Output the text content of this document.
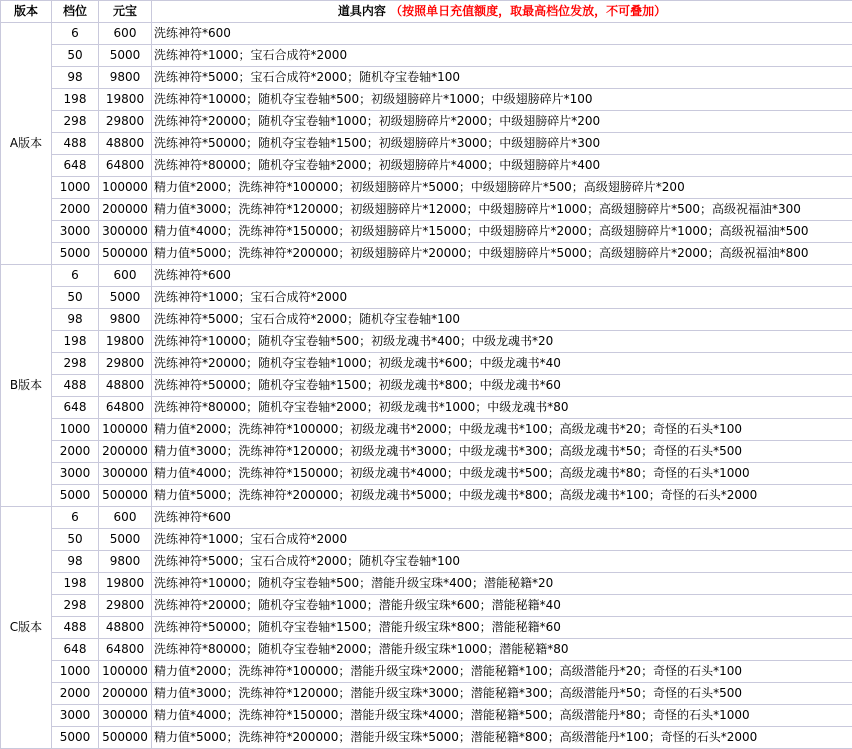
版本	档位	元宝	道具内容 （按照单日充值额度，取最高档位发放，不可叠加）
A版本	6	600	洗练神符*600
	50	5000	洗练神符*1000；宝石合成符*2000
	98	9800	洗练神符*5000；宝石合成符*2000；随机夺宝卷轴*100
	198	19800	洗练神符*10000；随机夺宝卷轴*500；初级翅膀碎片*1000；中级翅膀碎片*100
	298	29800	洗练神符*20000；随机夺宝卷轴*1000；初级翅膀碎片*2000；中级翅膀碎片*200
	488	48800	洗练神符*50000；随机夺宝卷轴*1500；初级翅膀碎片*3000；中级翅膀碎片*300
	648	64800	洗练神符*80000；随机夺宝卷轴*2000；初级翅膀碎片*4000；中级翅膀碎片*400
	1000	100000	精力值*2000；洗练神符*100000；初级翅膀碎片*5000；中级翅膀碎片*500；高级翅膀碎片*200
	2000	200000	精力值*3000；洗练神符*120000；初级翅膀碎片*12000；中级翅膀碎片*1000；高级翅膀碎片*500；高级祝福油*300
	3000	300000	精力值*4000；洗练神符*150000；初级翅膀碎片*15000；中级翅膀碎片*2000；高级翅膀碎片*1000；高级祝福油*500
	5000	500000	精力值*5000；洗练神符*200000；初级翅膀碎片*20000；中级翅膀碎片*5000；高级翅膀碎片*2000；高级祝福油*800
B版本	6	600	洗练神符*600
	50	5000	洗练神符*1000；宝石合成符*2000
	98	9800	洗练神符*5000；宝石合成符*2000；随机夺宝卷轴*100
	198	19800	洗练神符*10000；随机夺宝卷轴*500；初级龙魂书*400；中级龙魂书*20
	298	29800	洗练神符*20000；随机夺宝卷轴*1000；初级龙魂书*600；中级龙魂书*40
	488	48800	洗练神符*50000；随机夺宝卷轴*1500；初级龙魂书*800；中级龙魂书*60
	648	64800	洗练神符*80000；随机夺宝卷轴*2000；初级龙魂书*1000；中级龙魂书*80
	1000	100000	精力值*2000；洗练神符*100000；初级龙魂书*2000；中级龙魂书*100；高级龙魂书*20；奇怪的石头*100
	2000	200000	精力值*3000；洗练神符*120000；初级龙魂书*3000；中级龙魂书*300；高级龙魂书*50；奇怪的石头*500
	3000	300000	精力值*4000；洗练神符*150000；初级龙魂书*4000；中级龙魂书*500；高级龙魂书*80；奇怪的石头*1000
	5000	500000	精力值*5000；洗练神符*200000；初级龙魂书*5000；中级龙魂书*800；高级龙魂书*100；奇怪的石头*2000
C版本	6	600	洗练神符*600
	50	5000	洗练神符*1000；宝石合成符*2000
	98	9800	洗练神符*5000；宝石合成符*2000；随机夺宝卷轴*100
	198	19800	洗练神符*10000；随机夺宝卷轴*500；潜能升级宝珠*400；潜能秘籍*20
	298	29800	洗练神符*20000；随机夺宝卷轴*1000；潜能升级宝珠*600；潜能秘籍*40
	488	48800	洗练神符*50000；随机夺宝卷轴*1500；潜能升级宝珠*800；潜能秘籍*60
	648	64800	洗练神符*80000；随机夺宝卷轴*2000；潜能升级宝珠*1000；潜能秘籍*80
	1000	100000	精力值*2000；洗练神符*100000；潜能升级宝珠*2000；潜能秘籍*100；高级潜能丹*20；奇怪的石头*100
	2000	200000	精力值*3000；洗练神符*120000；潜能升级宝珠*3000；潜能秘籍*300；高级潜能丹*50；奇怪的石头*500
	3000	300000	精力值*4000；洗练神符*150000；潜能升级宝珠*4000；潜能秘籍*500；高级潜能丹*80；奇怪的石头*1000
	5000	500000	精力值*5000；洗练神符*200000；潜能升级宝珠*5000；潜能秘籍*800；高级潜能丹*100；奇怪的石头*2000
